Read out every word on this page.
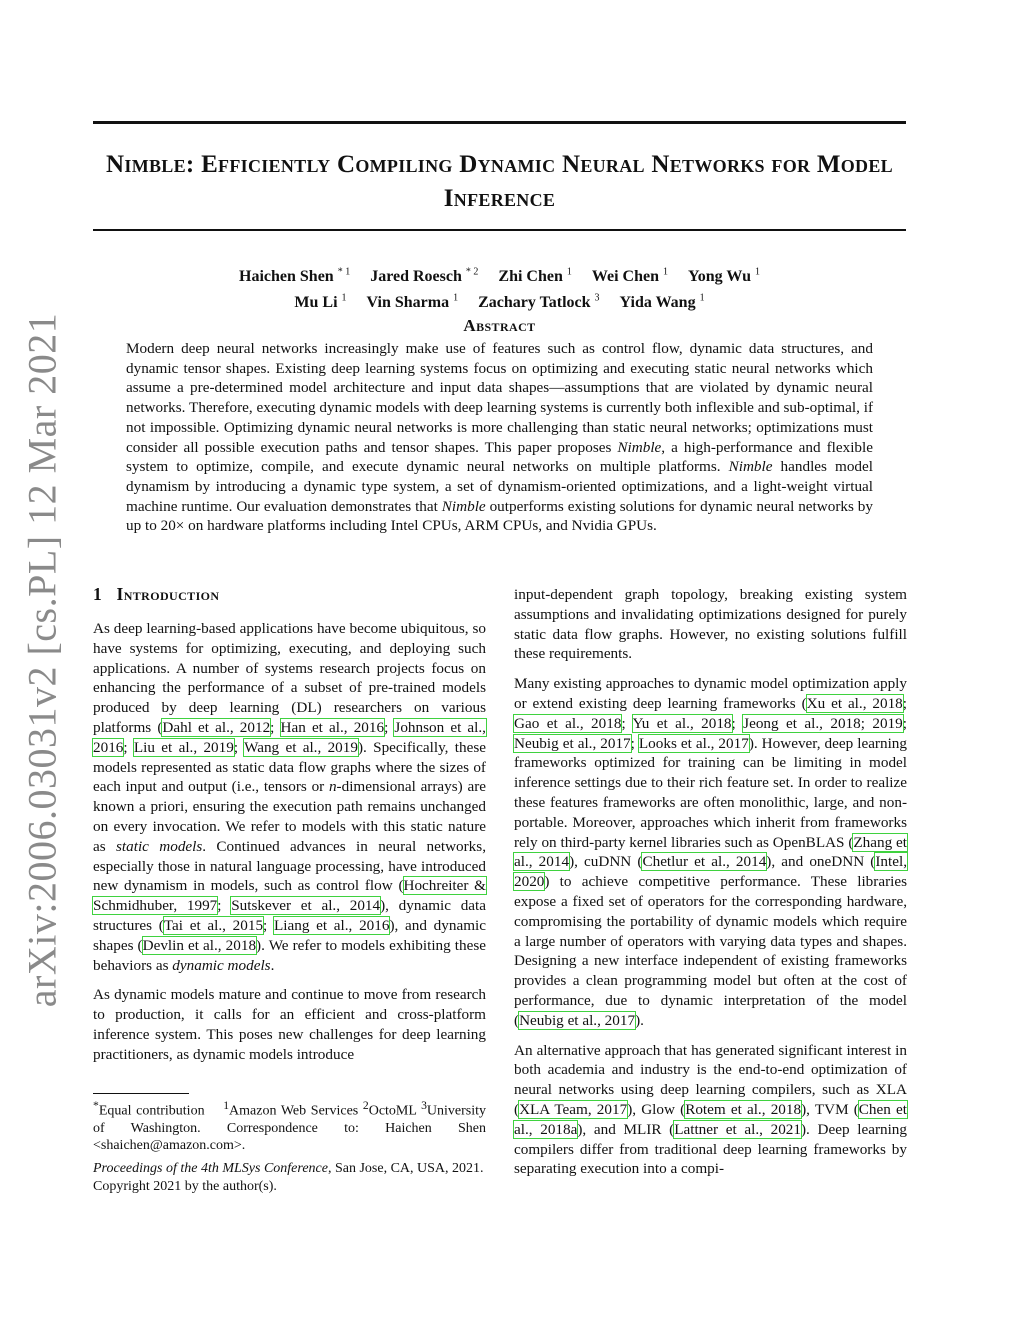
arXiv:2006.03031v2 [cs.PL] 12 Mar 2021
Nimble: Efficiently Compiling Dynamic Neural Networks for Model Inference
Haichen Shen $^{* 1}$ Jared Roesch $^{* 2}$ Zhi Chen $^1$ Wei Chen $^1$ Yong Wu $^1$
Mu Li $^1$ Vin Sharma $^1$ Zachary Tatlock $^3$ Yida Wang $^1$
Abstract
Modern deep neural networks increasingly make use of features such as control flow, dynamic data structures, and dynamic tensor shapes. Existing deep learning systems focus on optimizing and executing static neural networks which assume a pre-determined model architecture and input data shapes—assumptions that are violated by dynamic neural networks. Therefore, executing dynamic models with deep learning systems is currently both inflexible and sub-optimal, if not impossible. Optimizing dynamic neural networks is more challenging than static neural networks; optimizations must consider all possible execution paths and tensor shapes. This paper proposes Nimble, a high-performance and flexible system to optimize, compile, and execute dynamic neural networks on multiple platforms. Nimble handles model dynamism by introducing a dynamic type system, a set of dynamism-oriented optimizations, and a light-weight virtual machine runtime. Our evaluation demonstrates that Nimble outperforms existing solutions for dynamic neural networks by up to 20× on hardware platforms including Intel CPUs, ARM CPUs, and Nvidia GPUs.
1 Introduction

As deep learning-based applications have become ubiquitous, so have systems for optimizing, executing, and deploying such applications. A number of systems research projects focus on enhancing the performance of a subset of pre-trained models produced by deep learning (DL) researchers on various platforms (Dahl et al., 2012; Han et al., 2016; Johnson et al., 2016; Liu et al., 2019; Wang et al., 2019). Specifically, these models represented as static data flow graphs where the sizes of each input and output (i.e., tensors or n-dimensional arrays) are known a priori, ensuring the execution path remains unchanged on every invocation. We refer to models with this static nature as static models. Continued advances in neural networks, especially those in natural language processing, have introduced new dynamism in models, such as control flow (Hochreiter & Schmidhuber, 1997; Sutskever et al., 2014), dynamic data structures (Tai et al., 2015; Liang et al., 2016), and dynamic shapes (Devlin et al., 2018). We refer to models exhibiting these behaviors as dynamic models.

As dynamic models mature and continue to move from research to production, it calls for an efficient and cross-platform inference system. This poses new challenges for deep learning practitioners, as dynamic models introduce

*Equal contribution $^1$Amazon Web Services $^2$OctoML $^3$University of Washington. Correspondence to: Haichen Shen <shaichen@amazon.com>.
Proceedings of the 4th MLSys Conference, San Jose, CA, USA, 2021. Copyright 2021 by the author(s).

input-dependent graph topology, breaking existing system assumptions and invalidating optimizations designed for purely static data flow graphs. However, no existing solutions fulfill these requirements.

Many existing approaches to dynamic model optimization apply or extend existing deep learning frameworks (Xu et al., 2018; Gao et al., 2018; Yu et al., 2018; Jeong et al., 2018; 2019; Neubig et al., 2017; Looks et al., 2017). However, deep learning frameworks optimized for training can be limiting in model inference settings due to their rich feature set. In order to realize these features frameworks are often monolithic, large, and non-portable. Moreover, approaches which inherit from frameworks rely on third-party kernel libraries such as OpenBLAS (Zhang et al., 2014), cuDNN (Chetlur et al., 2014), and oneDNN (Intel, 2020) to achieve competitive performance. These libraries expose a fixed set of operators for the corresponding hardware, compromising the portability of dynamic models which require a large number of operators with varying data types and shapes. Designing a new interface independent of existing frameworks provides a clean programming model but often at the cost of performance, due to dynamic interpretation of the model (Neubig et al., 2017).

An alternative approach that has generated significant interest in both academia and industry is the end-to-end optimization of neural networks using deep learning compilers, such as XLA (XLA Team, 2017), Glow (Rotem et al., 2018), TVM (Chen et al., 2018a), and MLIR (Lattner et al., 2021). Deep learning compilers differ from traditional deep learning frameworks by separating execution into a compi-
